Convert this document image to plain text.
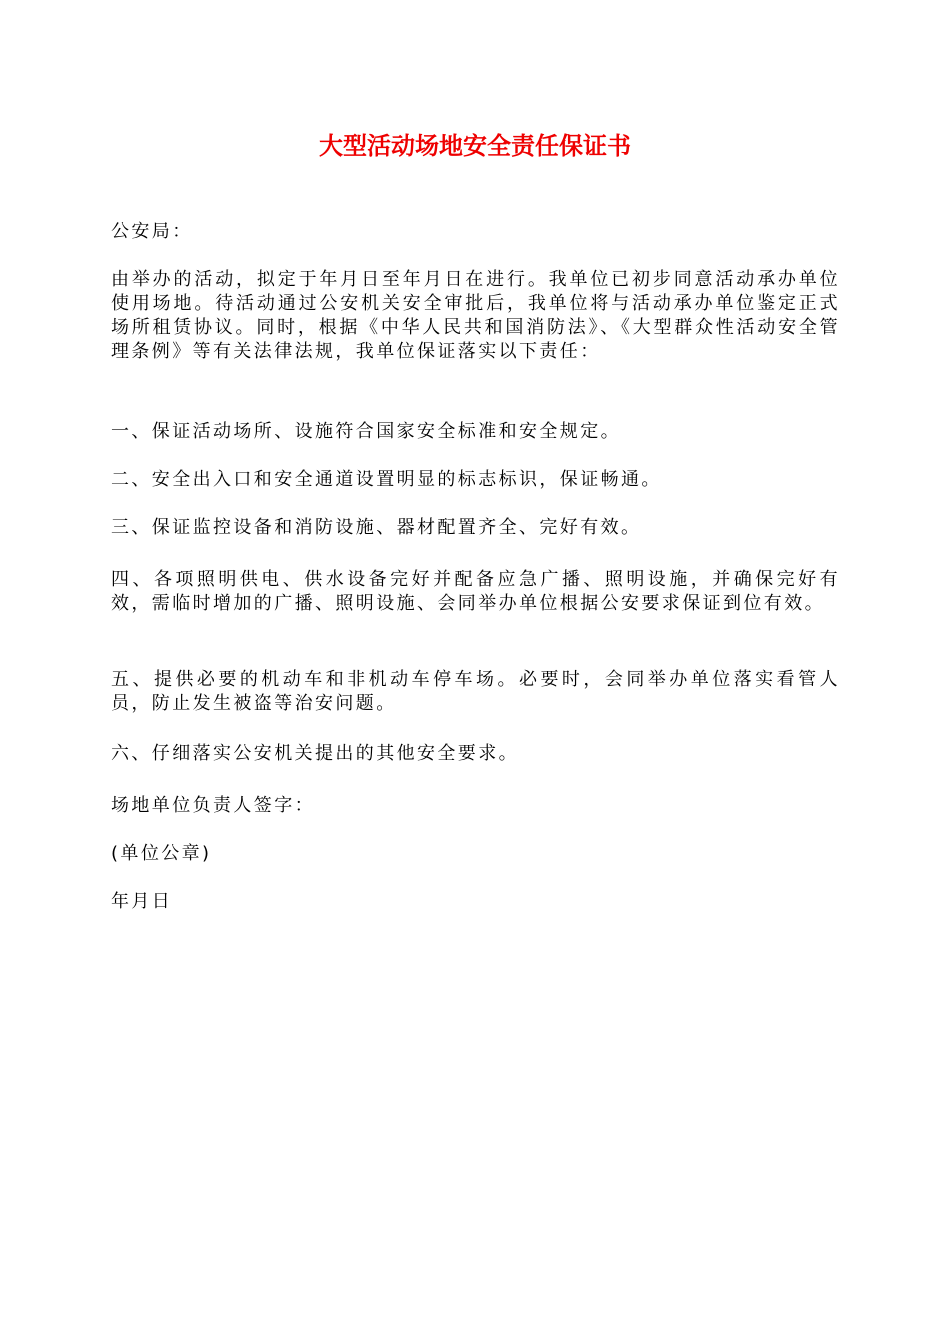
大型活动场地安全责任保证书

公安局：

由举办的活动，拟定于年月日至年月日在进行。我单位已初步同意活动承办单位使用场地。待活动通过公安机关安全审批后，我单位将与活动承办单位鉴定正式场所租赁协议。同时，根据《中华人民共和国消防法》、《大型群众性活动安全管理条例》等有关法律法规，我单位保证落实以下责任：

一、保证活动场所、设施符合国家安全标准和安全规定。

二、安全出入口和安全通道设置明显的标志标识，保证畅通。

三、保证监控设备和消防设施、器材配置齐全、完好有效。

四、各项照明供电、供水设备完好并配备应急广播、照明设施，并确保完好有效，需临时增加的广播、照明设施、会同举办单位根据公安要求保证到位有效。

五、提供必要的机动车和非机动车停车场。必要时，会同举办单位落实看管人员，防止发生被盗等治安问题。

六、仔细落实公安机关提出的其他安全要求。

场地单位负责人签字：

(单位公章)

年月日
